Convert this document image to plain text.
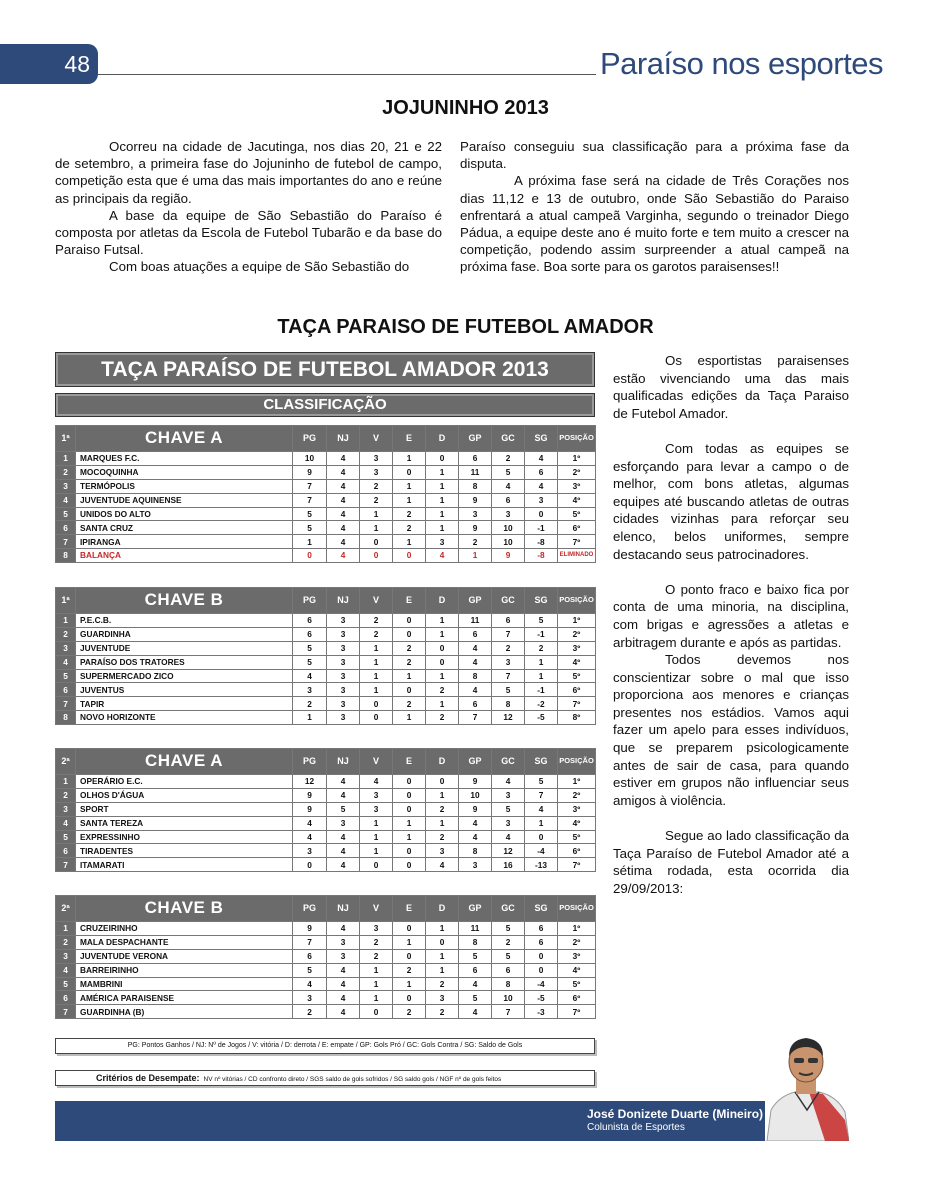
48	Paraíso nos esportes
JOJUNINHO 2013

Ocorreu na cidade de Jacutinga, nos dias 20, 21 e 22 de setembro, a primeira fase do Jojuninho de futebol de campo, competição esta que é uma das mais importantes do ano e reúne as principais da região.

A base da equipe de São Sebastião do Paraíso é composta por atletas da Escola de Futebol Tubarão e da base do Paraiso Futsal.

Com boas atuações a equipe de São Sebastião do

Paraíso conseguiu sua classificação para a próxima fase da disputa.

A próxima fase será na cidade de Três Corações nos dias 11,12 e 13 de outubro, onde São Sebastião do Paraiso enfrentará a atual campeã Varginha, segundo o treinador Diego Pádua, a equipe deste ano é muito forte e tem muito a crescer na competição, podendo assim surpreender a atual campeã na próxima fase. Boa sorte para os garotos paraisenses!!

TAÇA PARAISO DE FUTEBOL AMADOR
TAÇA PARAÍSO DE FUTEBOL AMADOR 2013
CLASSIFICAÇÃO
1ª	CHAVE A	PG	NJ	V	E	D	GP	GC	SG	POSIÇÃO
1	MARQUES F.C.	10	4	3	1	0	6	2	4	1º
2	MOCOQUINHA	9	4	3	0	1	11	5	6	2º
3	TERMÓPOLIS	7	4	2	1	1	8	4	4	3º
4	JUVENTUDE AQUINENSE	7	4	2	1	1	9	6	3	4º
5	UNIDOS DO ALTO	5	4	1	2	1	3	3	0	5º
6	SANTA CRUZ	5	4	1	2	1	9	10	-1	6º
7	IPIRANGA	1	4	0	1	3	2	10	-8	7º
8	BALANÇA	0	4	0	0	4	1	9	-8	ELIMINADO
1ª	CHAVE B	PG	NJ	V	E	D	GP	GC	SG	POSIÇÃO
1	P.E.C.B.	6	3	2	0	1	11	6	5	1º
2	GUARDINHA	6	3	2	0	1	6	7	-1	2º
3	JUVENTUDE	5	3	1	2	0	4	2	2	3º
4	PARAÍSO DOS TRATORES	5	3	1	2	0	4	3	1	4º
5	SUPERMERCADO ZICO	4	3	1	1	1	8	7	1	5º
6	JUVENTUS	3	3	1	0	2	4	5	-1	6º
7	TAPIR	2	3	0	2	1	6	8	-2	7º
8	NOVO HORIZONTE	1	3	0	1	2	7	12	-5	8º
2ª	CHAVE A	PG	NJ	V	E	D	GP	GC	SG	POSIÇÃO
1	OPERÁRIO E.C.	12	4	4	0	0	9	4	5	1º
2	OLHOS D'ÁGUA	9	4	3	0	1	10	3	7	2º
3	SPORT	9	5	3	0	2	9	5	4	3º
4	SANTA TEREZA	4	3	1	1	1	4	3	1	4º
5	EXPRESSINHO	4	4	1	1	2	4	4	0	5º
6	TIRADENTES	3	4	1	0	3	8	12	-4	6º
7	ITAMARATI	0	4	0	0	4	3	16	-13	7º
2ª	CHAVE B	PG	NJ	V	E	D	GP	GC	SG	POSIÇÃO
1	CRUZEIRINHO	9	4	3	0	1	11	5	6	1º
2	MALA DESPACHANTE	7	3	2	1	0	8	2	6	2º
3	JUVENTUDE VERONA	6	3	2	0	1	5	5	0	3º
4	BARREIRINHO	5	4	1	2	1	6	6	0	4º
5	MAMBRINI	4	4	1	1	2	4	8	-4	5º
6	AMÉRICA PARAISENSE	3	4	1	0	3	5	10	-5	6º
7	GUARDINHA (B)	2	4	0	2	2	4	7	-3	7º
PG: Pontos Ganhos / NJ: Nº de Jogos / V: vitória / D: derrota / E: empate / GP: Gols Pró / GC: Gols Contra / SG: Saldo de Gols
Critérios de Desempate: NV nº vitórias / CD confronto direto / SGS saldo de gols sofridos / SG saldo gols / NGF nº de gols feitos

Os esportistas paraisenses estão vivenciando uma das mais qualificadas edições da Taça Paraiso de Futebol Amador.

Com todas as equipes se esforçando para levar a campo o de melhor, com bons atletas, algumas equipes até buscando atletas de outras cidades vizinhas para reforçar seu elenco, belos uniformes, sempre destacando seus patrocinadores.

O ponto fraco e baixo fica por conta de uma minoria, na disciplina, com brigas e agressões a atletas e arbitragem durante e após as partidas.

Todos devemos nos conscientizar sobre o mal que isso proporciona aos menores e crianças presentes nos estádios. Vamos aqui fazer um apelo para esses indivíduos, que se preparem psicologicamente antes de sair de casa, para quando estiver em grupos não influenciar seus amigos à violência.

Segue ao lado classificação da Taça Paraíso de Futebol Amador até a sétima rodada, esta ocorrida dia 29/09/2013:

José Donizete Duarte (Mineiro)
Colunista de Esportes
